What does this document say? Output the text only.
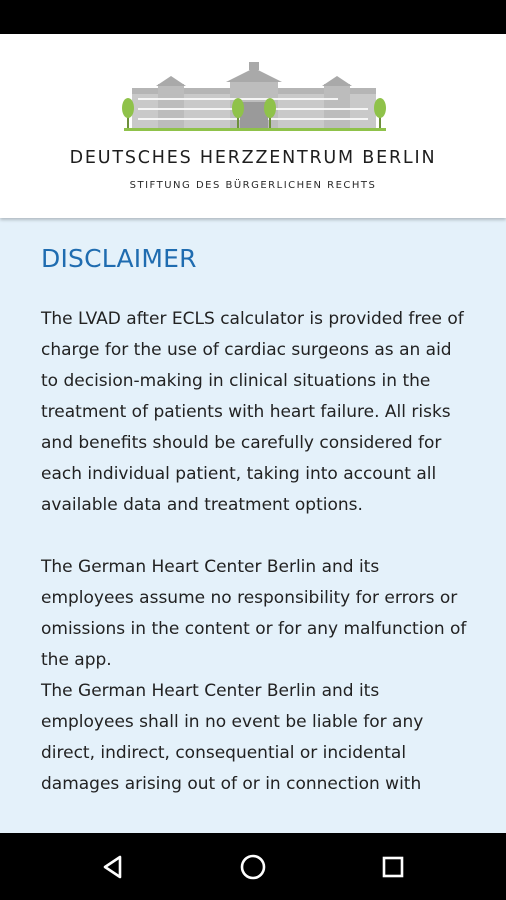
DEUTSCHES HERZZENTRUM BERLIN
STIFTUNG DES BÜRGERLICHEN RECHTS
DISCLAIMER

The LVAD after ECLS calculator is provided free of charge for the use of cardiac surgeons as an aid to decision-making in clinical situations in the treatment of patients with heart failure. All risks and benefits should be carefully considered for each individual patient, taking into account all available data and treatment options.

The German Heart Center Berlin and its employees assume no responsibility for errors or omissions in the content or for any malfunction of the app.

The German Heart Center Berlin and its employees shall in no event be liable for any direct, indirect, consequential or incidental damages arising out of or in connection with
